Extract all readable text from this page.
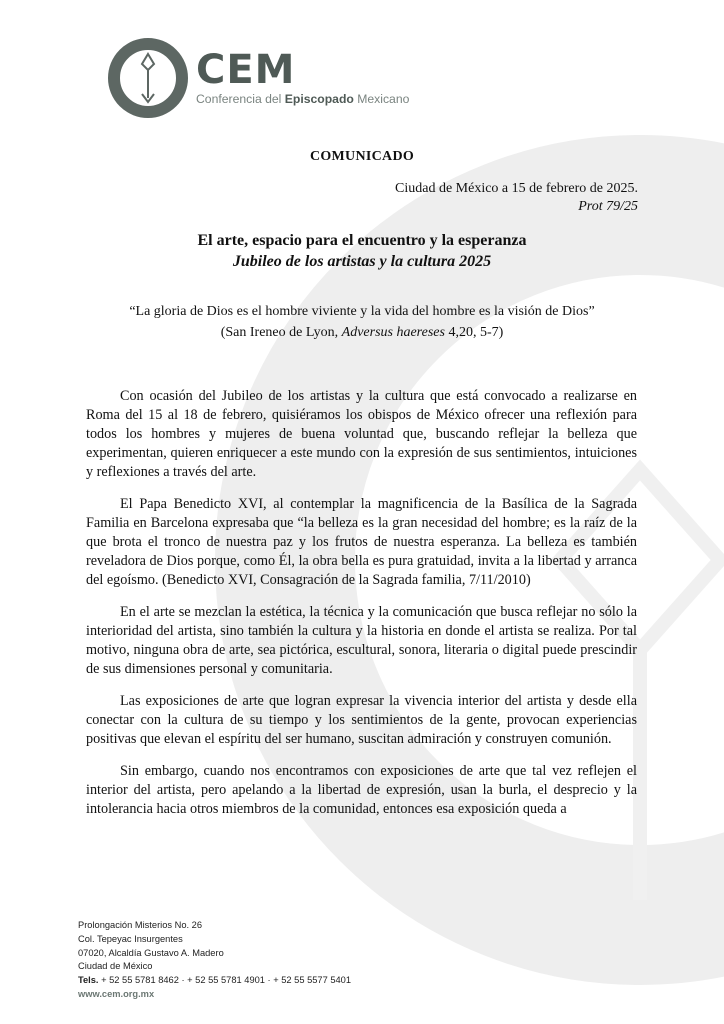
CEM
Conferencia del Episcopado Mexicano
COMUNICADO
Ciudad de México a 15 de febrero de 2025.
Prot 79/25
El arte, espacio para el encuentro y la esperanza
Jubileo de los artistas y la cultura 2025
“La gloria de Dios es el hombre viviente y la vida del hombre es la visión de Dios”
(San Ireneo de Lyon, Adversus haereses 4,20, 5-7)

Con ocasión del Jubileo de los artistas y la cultura que está convocado a realizarse en Roma del 15 al 18 de febrero, quisiéramos los obispos de México ofrecer una reflexión para todos los hombres y mujeres de buena voluntad que, buscando reflejar la belleza que experimentan, quieren enriquecer a este mundo con la expresión de sus sentimientos, intuiciones y reflexiones a través del arte.

El Papa Benedicto XVI, al contemplar la magnificencia de la Basílica de la Sagrada Familia en Barcelona expresaba que “la belleza es la gran necesidad del hombre; es la raíz de la que brota el tronco de nuestra paz y los frutos de nuestra esperanza. La belleza es también reveladora de Dios porque, como Él, la obra bella es pura gratuidad, invita a la libertad y arranca del egoísmo. (Benedicto XVI, Consagración de la Sagrada familia, 7/11/2010)

En el arte se mezclan la estética, la técnica y la comunicación que busca reflejar no sólo la interioridad del artista, sino también la cultura y la historia en donde el artista se realiza. Por tal motivo, ninguna obra de arte, sea pictórica, escultural, sonora, literaria o digital puede prescindir de sus dimensiones personal y comunitaria.

Las exposiciones de arte que logran expresar la vivencia interior del artista y desde ella conectar con la cultura de su tiempo y los sentimientos de la gente, provocan experiencias positivas que elevan el espíritu del ser humano, suscitan admiración y construyen comunión.

Sin embargo, cuando nos encontramos con exposiciones de arte que tal vez reflejen el interior del artista, pero apelando a la libertad de expresión, usan la burla, el desprecio y la intolerancia hacia otros miembros de la comunidad, entonces esa exposición queda a

Prolongación Misterios No. 26
Col. Tepeyac Insurgentes
07020, Alcaldía Gustavo A. Madero
Ciudad de México
Tels. + 52 55 5781 8462 · + 52 55 5781 4901 · + 52 55 5577 5401
www.cem.org.mx
